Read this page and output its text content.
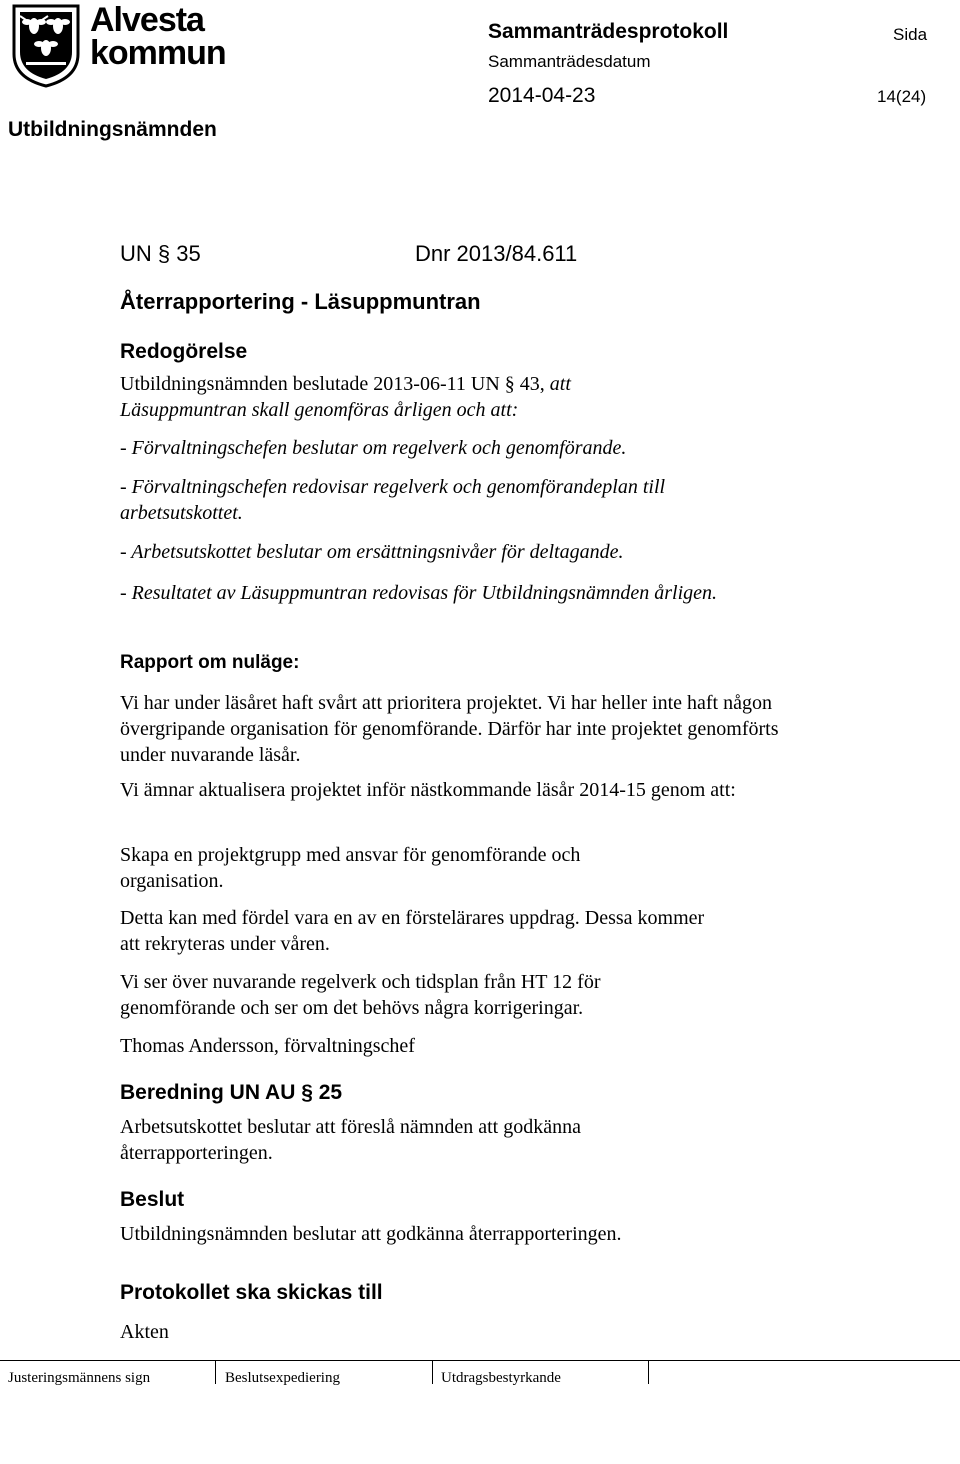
Alvesta
kommun
Sammanträdesprotokoll	Sida
Sammanträdesdatum
2014-04-23	14(24)
Utbildningsnämnden
UN § 35	Dnr 2013/84.611
Återrapportering - Läsuppmuntran
Redogörelse
Utbildningsnämnden beslutade 2013-06-11 UN § 43, att Läsuppmuntran skall genomföras årligen och att:
- Förvaltningschefen beslutar om regelverk och genomförande.
- Förvaltningschefen redovisar regelverk och genomförandeplan till arbetsutskottet.
- Arbetsutskottet beslutar om ersättningsnivåer för deltagande.
- Resultatet av Läsuppmuntran redovisas för Utbildningsnämnden årligen.
Rapport om nuläge:
Vi har under läsåret haft svårt att prioritera projektet. Vi har heller inte haft någon övergripande organisation för genomförande. Därför har inte projektet genomförts under nuvarande läsår.
Vi ämnar aktualisera projektet inför nästkommande läsår 2014-15 genom att:
Skapa en projektgrupp med ansvar för genomförande och organisation.
Detta kan med fördel vara en av en förstelärares uppdrag. Dessa kommer att rekryteras under våren.
Vi ser över nuvarande regelverk och tidsplan från HT 12 för genomförande och ser om det behövs några korrigeringar.
Thomas Andersson, förvaltningschef
Beredning UN AU § 25
Arbetsutskottet beslutar att föreslå nämnden att godkänna återrapporteringen.
Beslut
Utbildningsnämnden beslutar att godkänna återrapporteringen.
Protokollet ska skickas till
Akten
Justeringsmännens sign	Beslutsexpediering	Utdragsbestyrkande
